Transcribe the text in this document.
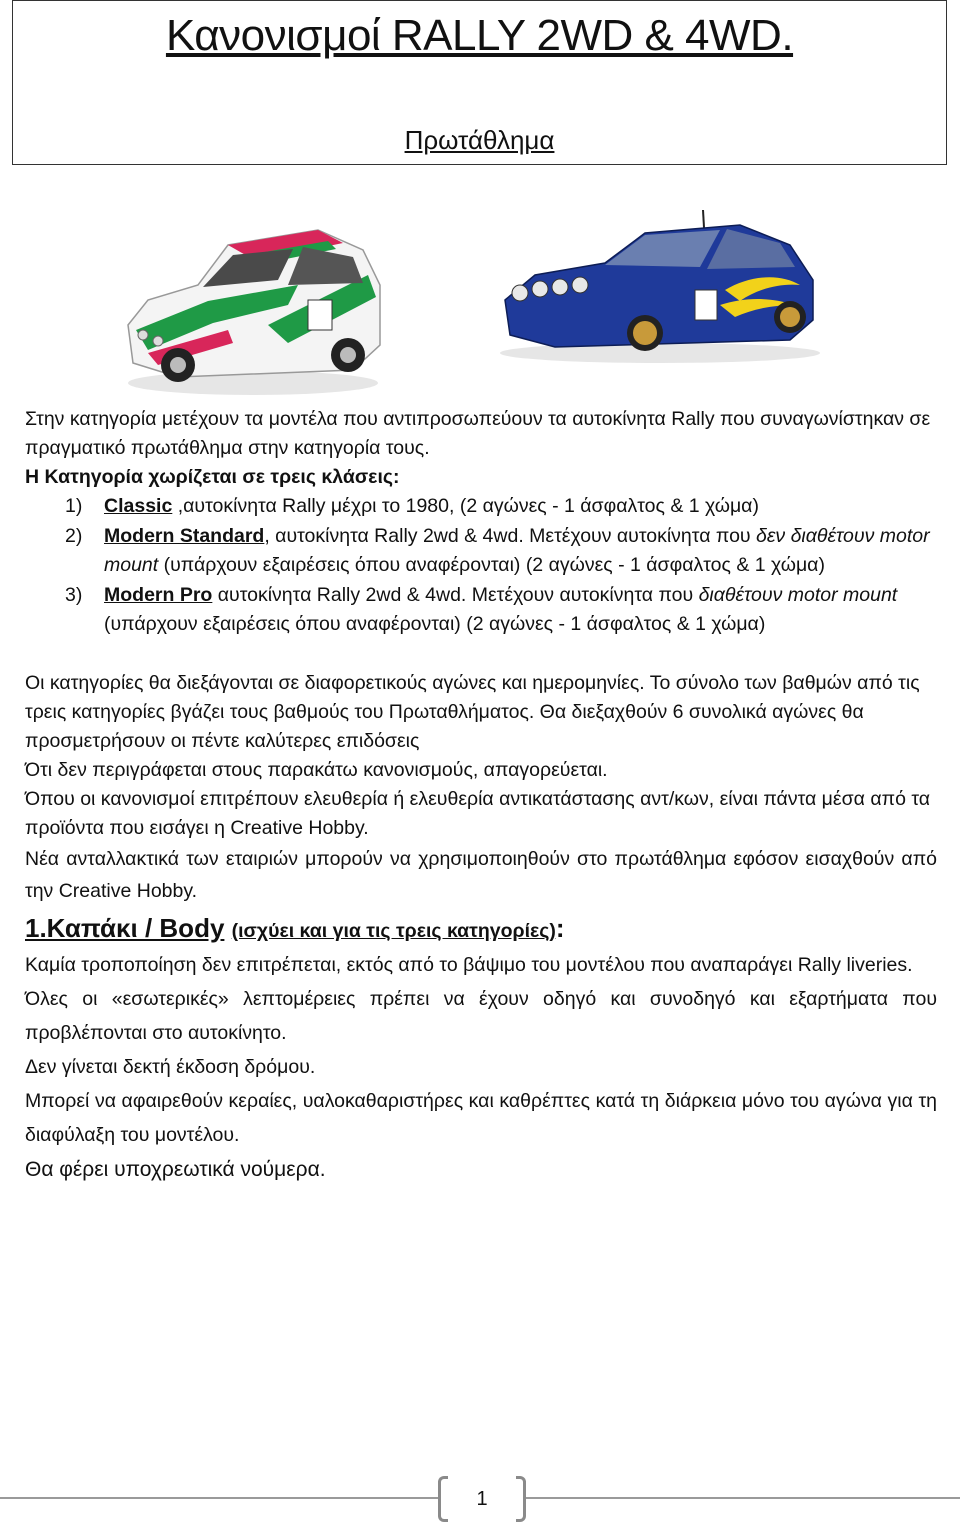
Κανονισμοί RALLY 2WD & 4WD.
Πρωτάθλημα

Στην κατηγορία μετέχουν τα μοντέλα που αντιπροσωπεύουν τα αυτοκίνητα Rally που συναγωνίστηκαν σε πραγματικό πρωτάθλημα στην κατηγορία τους.

Η Κατηγορία χωρίζεται σε τρεις κλάσεις:

1) Classic ,αυτοκίνητα Rally μέχρι το 1980, (2 αγώνες - 1 άσφαλτος & 1 χώμα)
2) Modern Standard, αυτοκίνητα Rally 2wd & 4wd. Μετέχουν αυτοκίνητα που δεν διαθέτουν motor mount (υπάρχουν εξαιρέσεις όπου αναφέρονται) (2 αγώνες - 1 άσφαλτος & 1 χώμα)
3) Modern Pro αυτοκίνητα Rally 2wd & 4wd. Μετέχουν αυτοκίνητα που διαθέτουν motor mount (υπάρχουν εξαιρέσεις όπου αναφέρονται) (2 αγώνες - 1 άσφαλτος & 1 χώμα)

Οι κατηγορίες θα διεξάγονται σε διαφορετικούς αγώνες και ημερομηνίες. Το σύνολο των βαθμών από τις τρεις κατηγορίες βγάζει τους βαθμούς του Πρωταθλήματος. Θα διεξαχθούν 6 συνολικά αγώνες θα προσμετρήσουν οι πέντε καλύτερες επιδόσεις

Ότι δεν περιγράφεται στους παρακάτω κανονισμούς, απαγορεύεται.

Όπου οι κανονισμοί επιτρέπουν ελευθερία ή ελευθερία αντικατάστασης αντ/κων, είναι πάντα μέσα από τα προϊόντα που εισάγει η Creative Hobby.

Νέα ανταλλακτικά των εταιριών μπορούν να χρησιμοποιηθούν στο πρωτάθλημα εφόσον εισαχθούν από την Creative Hobby.

1.Καπάκι / Body (ισχύει και για τις τρεις κατηγορίες):

Καμία τροποποίηση δεν επιτρέπεται, εκτός από το βάψιμο του μοντέλου που αναπαράγει Rally liveries.

Όλες οι «εσωτερικές» λεπτομέρειες πρέπει να έχουν οδηγό και συνοδηγό και εξαρτήματα που προβλέπονται στο αυτοκίνητο.

Δεν γίνεται δεκτή έκδοση δρόμου.

Μπορεί να αφαιρεθούν κεραίες, υαλοκαθαριστήρες και καθρέπτες κατά τη διάρκεια μόνο του αγώνα για τη διαφύλαξη του μοντέλου.

Θα φέρει υποχρεωτικά νούμερα.

1
